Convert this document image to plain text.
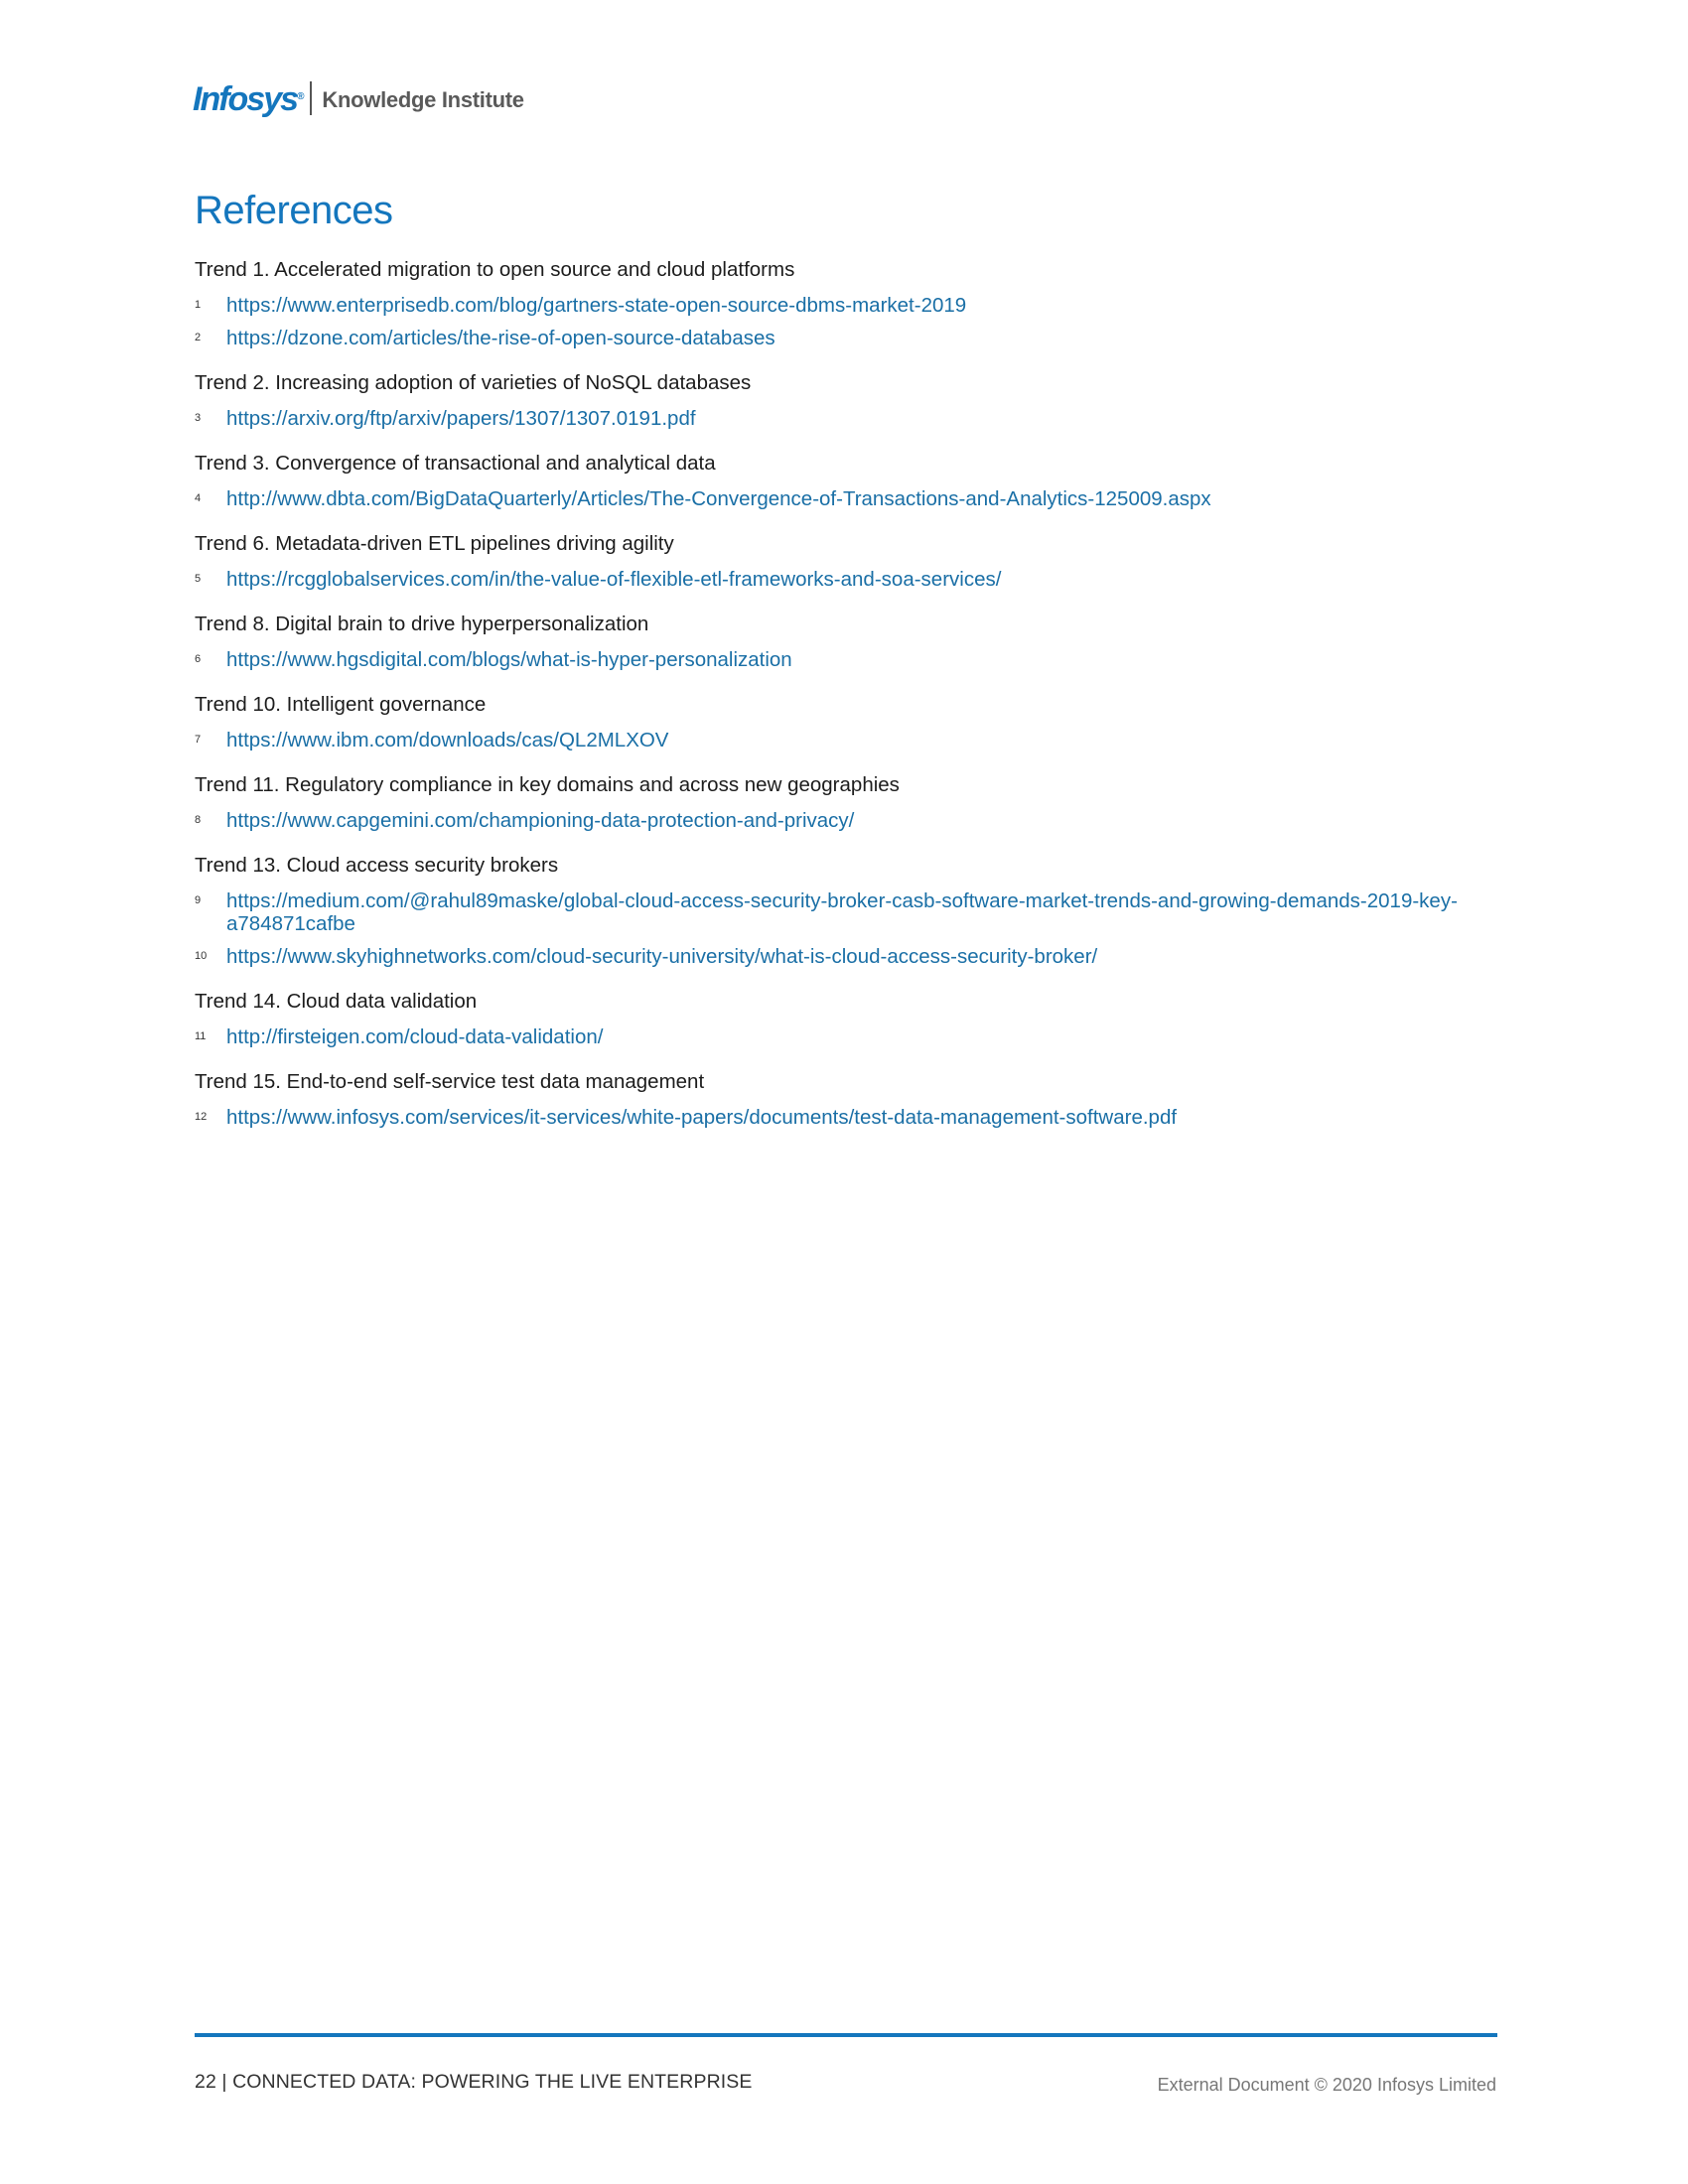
Infosys® Knowledge Institute
References
Trend 1. Accelerated migration to open source and cloud platforms
1	https://www.enterprisedb.com/blog/gartners-state-open-source-dbms-market-2019
2	https://dzone.com/articles/the-rise-of-open-source-databases
Trend 2. Increasing adoption of varieties of NoSQL databases
3	https://arxiv.org/ftp/arxiv/papers/1307/1307.0191.pdf
Trend 3. Convergence of transactional and analytical data
4	http://www.dbta.com/BigDataQuarterly/Articles/The-Convergence-of-Transactions-and-Analytics-125009.aspx
Trend 6. Metadata-driven ETL pipelines driving agility
5	https://rcgglobalservices.com/in/the-value-of-flexible-etl-frameworks-and-soa-services/
Trend 8. Digital brain to drive hyperpersonalization
6	https://www.hgsdigital.com/blogs/what-is-hyper-personalization
Trend 10. Intelligent governance
7	https://www.ibm.com/downloads/cas/QL2MLXOV
Trend 11. Regulatory compliance in key domains and across new geographies
8	https://www.capgemini.com/championing-data-protection-and-privacy/
Trend 13. Cloud access security brokers
9	https://medium.com/@rahul89maske/global-cloud-access-security-broker-casb-software-market-trends-and-growing-demands-2019-key-a784871cafbe
10 https://www.skyhighnetworks.com/cloud-security-university/what-is-cloud-access-security-broker/
Trend 14. Cloud data validation
11	http://firsteigen.com/cloud-data-validation/
Trend 15. End-to-end self-service test data management
12 https://www.infosys.com/services/it-services/white-papers/documents/test-data-management-software.pdf
22 | CONNECTED DATA: POWERING THE LIVE ENTERPRISE	External Document © 2020 Infosys Limited
